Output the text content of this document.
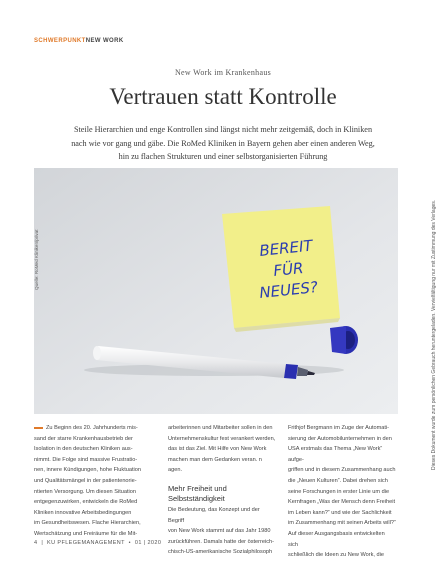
SCHWERPUNKTNEW WORK
New Work im Krankenhaus
Vertrauen statt Kontrolle
Steile Hierarchien und enge Kontrollen sind längst nicht mehr zeitgemäß, doch in Kliniken
nach wie vor gang und gäbe. Die RoMed Kliniken in Bayern gehen aber einen anderen Weg,
hin zu flachen Strukturen und einer selbstorganisierten Führung
BEREIT
FÜR
NEUES?
Quelle: RoMed Kliniken/privat	Dieses Dokument wurde zum persönlichen Gebrauch heruntergeladen. Vervielfältigung nur mit Zustimmung des Verlages.

Zu Beginn des 20. Jahrhunderts mis-

sand der starre Krankenhausbetrieb der

Isolation in den deutschen Kliniken aus-

nimmt. Die Folge sind massive Frustratio-

nen, innere Kündigungen, hohe Fluktuation

und Qualitätsmängel in der patientenorie-

ntierten Versorgung. Um diesen Situation

entgegenzuwirken, entwickeln die RoMed

Kliniken innovative Arbeitsbedingungen

im Gesundheitswesen. Flache Hierarchien,

Wertschätzung und Freiräume für die Mit-

arbeiterinnen und Mitarbeiter sollen in den

Unternehmenskultur fest verankert werden,

das ist das Ziel. Mit Hilfe von New Work

machen man dem Gedanken veran. n agen.

Mehr Freiheit und
Selbstständigkeit

Die Bedeutung, das Konzept und der Begriff

von New Work stammt auf das Jahr 1980

zurückführen. Damals hatte der österreich-

chisch-US-amerikanische Sozialphilosoph

Frithjof Bergmann im Zuge der Automati-

sierung der Automobilunternehmen in den

USA erstmals das Thema „New Work“ aufge-

griffen und in diesem Zusammenhang auch

die „Neuen Kulturen“. Dabei drehen sich

seine Forschungen in erster Linie um die

Kernfragen „Was der Mensch denn Freiheit

im Leben kann?“ und wie der Sachlichkeit

im Zusammenhang mit seinen Arbeits will?“

Auf dieser Ausgangsbasis entwickelten sich

schließlich die Ideen zu New Work, die

4  |  KU PFLEGEMANAGEMENT  •  01 | 2020
